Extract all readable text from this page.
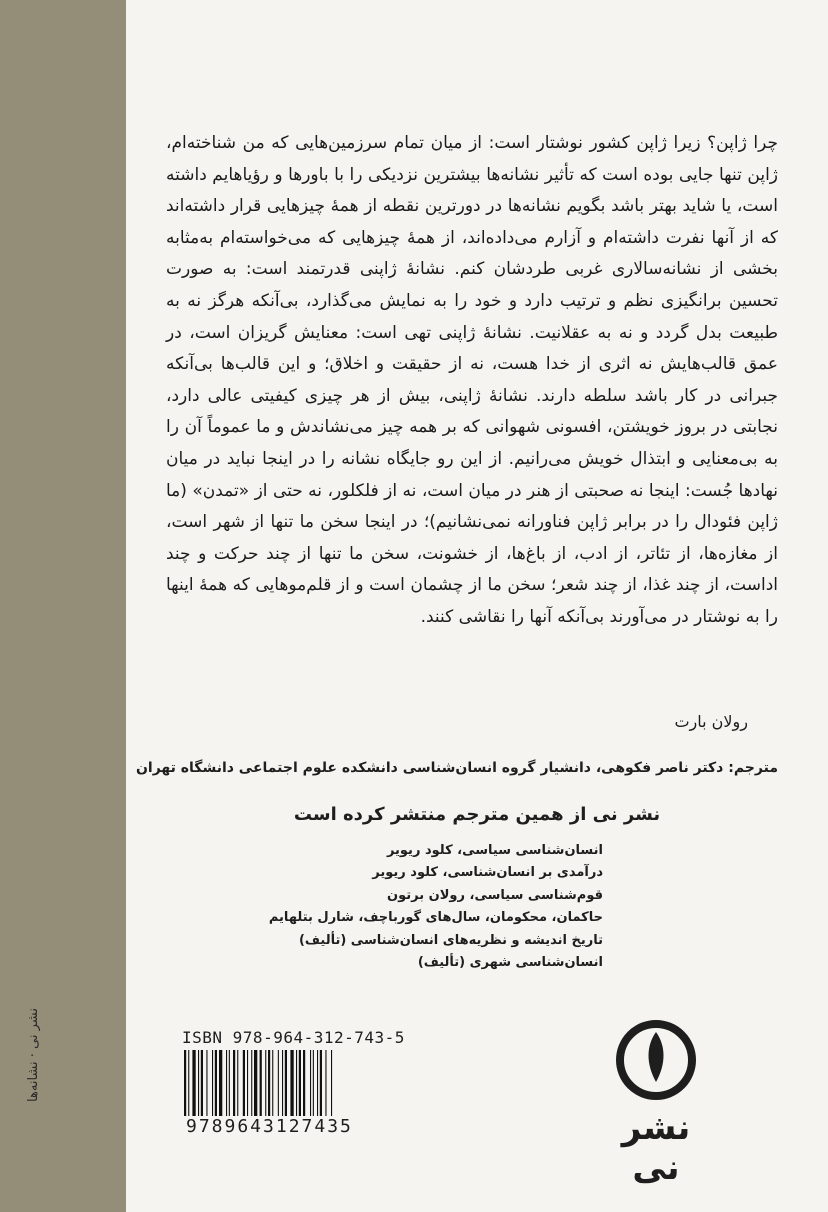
ﻧﺸﺮ ﻧﯽ · ﻧﺸﺎﻧﻪ‌ﻫﺎ

چرا ژاپن؟ زیرا ژاپن کشور نوشتار است: از میان تمام سرزمین‌هایی که من شناخته‌ام، ژاپن تنها جایی بوده است که تأثیر نشانه‌ها بیشترین نزدیکی را با باورها و رؤیاهایم داشته است، یا شاید بهتر باشد بگویم نشانه‌ها در دورترین نقطه از همهٔ چیزهایی قرار داشته‌اند که از آنها نفرت داشته‌ام و آزارم می‌داده‌اند، از همهٔ چیزهایی که می‌خواسته‌ام به‌مثابه بخشی از نشانه‌سالاری غربی طردشان کنم. نشانهٔ ژاپنی قدرتمند است: به صورت تحسین برانگیزی نظم و ترتیب دارد و خود را به نمایش می‌گذارد، بی‌آنکه هرگز نه به طبیعت بدل گردد و نه به عقلانیت. نشانهٔ ژاپنی تهی است: معنایش گریزان است، در عمق قالب‌هایش نه اثری از خدا هست، نه از حقیقت و اخلاق؛ و این قالب‌ها بی‌آنکه جبرانی در کار باشد سلطه دارند. نشانهٔ ژاپنی، بیش از هر چیزی کیفیتی عالی دارد، نجابتی در بروز خویشتن، افسونی شهوانی که بر همه چیز می‌نشاندش و ما عموماً آن را به بی‌معنایی و ابتذال خویش می‌رانیم. از این رو جایگاه نشانه را در اینجا نباید در میان نهادها جُست: اینجا نه صحبتی از هنر در میان است، نه از فلکلور، نه حتی از «تمدن» (ما ژاپن فئودال را در برابر ژاپن فناورانه نمی‌نشانیم)؛ در اینجا سخن ما تنها از شهر است، از مغازه‌ها، از تئاتر، از ادب، از باغ‌ها، از خشونت، سخن ما تنها از چند حرکت و چند اداست، از چند غذا، از چند شعر؛ سخن ما از چشمان است و از قلم‌موهایی که همهٔ اینها را به نوشتار در می‌آورند بی‌آنکه آنها را نقاشی کنند.

رولان بارت
مترجم: دکتر ناصر فکوهی، دانشیار گروه انسان‌شناسی دانشکده علوم اجتماعی دانشگاه تهران
نشر نی از همین مترجم منتشر کرده است
انسان‌شناسی سیاسی، کلود ریویر
درآمدی بر انسان‌شناسی، کلود ریویر
قوم‌شناسی سیاسی، رولان برتون
حاکمان، محکومان، سال‌های گورباچف، شارل بتلهایم
تاریخ اندیشه و نظریه‌های انسان‌شناسی (تألیف)
انسان‌شناسی شهری (تألیف)
ISBN 978-964-312-743-5
9789643127435	نشر نی
